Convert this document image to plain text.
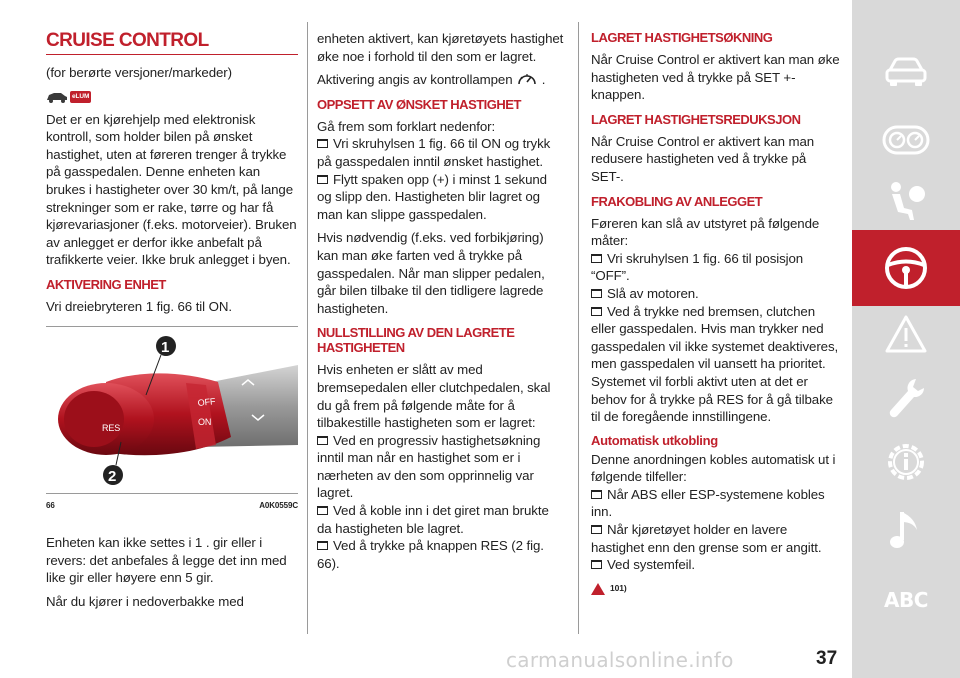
CRUISE CONTROL

(for berørte versjoner/markeder)

eLUM

Det er en kjørehjelp med elektronisk kontroll, som holder bilen på ønsket hastighet, uten at føreren trenger å trykke på gasspedalen. Denne enheten kan brukes i hastigheter over 30 km/t, på lange strekninger som er rake, tørre og har få kjørevariasjoner (f.eks. motorveier). Bruken av anlegget er derfor ikke anbefalt på trafikkerte veier. Ikke bruk anlegget i byen.

AKTIVERING ENHET

Vri dreiebryteren 1 fig. 66 til ON.

OFF
ON
RES
1
2
66	A0K0559C

Enheten kan ikke settes i 1 . gir eller i revers: det anbefales å legge det inn med like gir eller høyere enn 5 gir.

Når du kjører i nedoverbakke med

enheten aktivert, kan kjøretøyets hastighet øke noe i forhold til den som er lagret.

Aktivering angis av kontrollampen .

OPPSETT AV ØNSKET HASTIGHET

Gå frem som forklart nedenfor:

Vri skruhylsen 1 fig. 66 til ON og trykk på gasspedalen inntil ønsket hastighet.

Flytt spaken opp (+) i minst 1 sekund og slipp den. Hastigheten blir lagret og man kan slippe gasspedalen.

Hvis nødvendig (f.eks. ved forbikjøring) kan man øke farten ved å trykke på gasspedalen. Når man slipper pedalen, går bilen tilbake til den tidligere lagrede hastigheten.

NULLSTILLING AV DEN LAGRETE HASTIGHETEN

Hvis enheten er slått av med bremsepedalen eller clutchpedalen, skal du gå frem på følgende måte for å tilbakestille hastigheten som er lagret:

Ved en progressiv hastighetsøkning inntil man når en hastighet som er i nærheten av den som opprinnelig var lagret.

Ved å koble inn i det giret man brukte da hastigheten ble lagret.

Ved å trykke på knappen RES (2 fig. 66).

LAGRET HASTIGHETSØKNING

Når Cruise Control er aktivert kan man øke hastigheten ved å trykke på SET +-knappen.

LAGRET HASTIGHETSREDUKSJON

Når Cruise Control er aktivert kan man redusere hastigheten ved å trykke på SET-.

FRAKOBLING AV ANLEGGET

Føreren kan slå av utstyret på følgende måter:

Vri skruhylsen 1 fig. 66 til posisjon “OFF”.

Slå av motoren.

Ved å trykke ned bremsen, clutchen eller gasspedalen. Hvis man trykker ned gasspedalen vil ikke systemet deaktiveres, men gasspedalen vil uansett ha prioritet. Systemet vil forbli aktivt uten at det er behov for å trykke på RES for å gå tilbake til de foregående innstillingene.

Automatisk utkobling

Denne anordningen kobles automatisk ut i følgende tilfeller:

Når ABS eller ESP-systemene kobles inn.

Når kjøretøyet holder en lavere hastighet enn den grense som er angitt.

Ved systemfeil.

101)
ABC
carmanualsonline.info	37
